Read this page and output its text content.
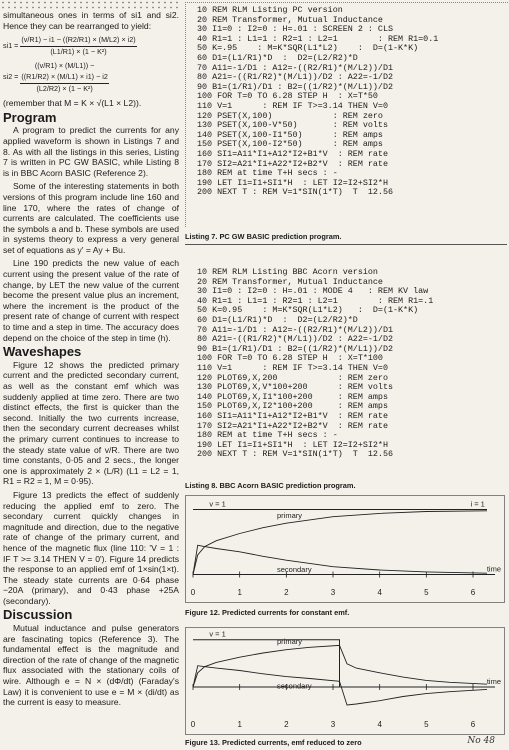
simultaneous ones in terms of si1 and si2. Hence they can be rearranged to yield:

$si1 = \frac{(v/R1) - i1 - ((R2/R1) \times (M/L2) \times i2)}{\text{(L1/R1) × (1 − K²)}}$
si2 = ((v/R1) × (M/L1)) −
((R1/R2) × (M/L1) × i1) − i2
(L2/R2) × (1 − K²)

(remember that M = K × √(L1 × L2)).

Program

A program to predict the currents for any applied waveform is shown in Listings 7 and 8. As with all the listings in this series, Listing 7 is written in PC GW BASIC, while Listing 8 is in BBC Acorn BASIC (Reference 2).

Some of the interesting statements in both versions of this program include line 160 and line 170, where the rates of change of currents are calculated. The coefficients use the symbols a and b. These symbols are used in systems theory to express a very general set of equations as y' = Ay + Bu.

Line 190 predicts the new value of each current using the present value of the rate of change, by LET the new value of the current become the present value plus an increment, where the increment is the product of the present rate of change of current with respect to time and a step in time. The accuracy does depend on the choice of the step in time (h).

Waveshapes

Figure 12 shows the predicted primary current and the predicted secondary current, as well as the constant emf which was suddenly applied at time zero. There are two distinct effects, the first is quicker than the second. Initially the two currents increase, then the secondary current decreases whilst the primary current continues to increase to the steady state value of v/R. There are two time constants, 0·05 and 2 secs., the longer one is approximately 2 × (L/R) (L1 = L2 = 1, R1 = R2 = 1, M = 0·95).

Figure 13 predicts the effect of suddenly reducing the applied emf to zero. The secondary current quickly changes in magnitude and direction, due to the negative rate of change of the primary current, and hence of the magnetic flux (line 110: 'V = 1 : IF T >= 3.14 THEN V = 0'). Figure 14 predicts the response to an applied emf of 1×sin(1×t). The steady state currents are 0·64 phase −20A (primary), and 0·43 phase +25A (secondary).

Discussion

Mutual inductance and pulse generators are fascinating topics (Reference 3). The fundamental effect is the magnitude and direction of the rate of change of the magnetic flux associated with the stationary coils of wire. Although e = N × (dΦ/dt) (Faraday's Law) it is convenient to use e = M × (di/dt) as the current is easy to measure.

10 REM RLM Listing PC version
20 REM Transformer, Mutual Inductance
30 I1=0 : I2=0 : H=.01 : SCREEN 2 : CLS
40 R1=1 : L1=1 : R2=1 : L2=1        : REM R1=0.1
50 K=.95    : M=K*SQR(L1*L2)    :  D=(1-K*K)
60 D1=(L1/R1)*D  :  D2=(L2/R2)*D
70 A11=-1/D1 : A12=-((R2/R1)*(M/L2))/D1
80 A21=-((R1/R2)*(M/L1))/D2 : A22=-1/D2
90 B1=(1/R1)/D1 : B2=((1/R2)*(M/L1))/D2
100 FOR T=0 TO 6.28 STEP H  : X=T*50
110 V=1      : REM IF T>=3.14 THEN V=0
120 PSET(X,100)            : REM zero
130 PSET(X,100-V*50)       : REM volts
140 PSET(X,100-I1*50)      : REM amps
150 PSET(X,100-I2*50)      : REM amps
160 SI1=A11*I1+A12*I2+B1*V  : REM rate
170 SI2=A21*I1+A22*I2+B2*V  : REM rate
180 REM at time T+H secs : -
190 LET I1=I1+SI1*H  : LET I2=I2+SI2*H
200 NEXT T : REM V=1*SIN(1*T)  T  12.56
Listing 7. PC GW BASIC prediction program.
10 REM RLM Listing BBC Acorn version
20 REM Transformer, Mutual Inductance
30 I1=0 : I2=0 : H=.01 : MODE 4   : REM KV law
40 R1=1 : L1=1 : R2=1 : L2=1        : REM R1=.1
50 K=0.95    : M=K*SQR(L1*L2)   :  D=(1-K*K)
60 D1=(L1/R1)*D  :  D2=(L2/R2)*D
70 A11=-1/D1 : A12=-((R2/R1)*(M/L2))/D1
80 A21=-((R1/R2)*(M/L1))/D2 : A22=-1/D2
90 B1=(1/R1)/D1 : B2=((1/R2)*(M/L1))/D2
100 FOR T=0 TO 6.28 STEP H  : X=T*100
110 V=1      : REM IF T>=3.14 THEN V=0
120 PLOT69,X,200            : REM zero
130 PLOT69,X,V*100+200      : REM volts
140 PLOT69,X,I1*100+200     : REM amps
150 PLOT69,X,I2*100+200     : REM amps
160 SI1=A11*I1+A12*I2+B1*V  : REM rate
170 SI2=A21*I1+A22*I2+B2*V  : REM rate
180 REM at time T+H secs : -
190 LET I1=I1+SI1*H  : LET I2=I2+SI2*H
200 NEXT T : REM V=1*SIN(1*T)  T  12.56
Listing 8. BBC Acorn BASIC prediction program.
0	1	2	3	4	5	6
time
v = 1	i = 1
primary
secondary
Figure 12. Predicted currents for constant emf.
0	1	2	3	4	5	6
time
v = 1
primary
secondary
Figure 13. Predicted currents, emf reduced to zero	No 48
